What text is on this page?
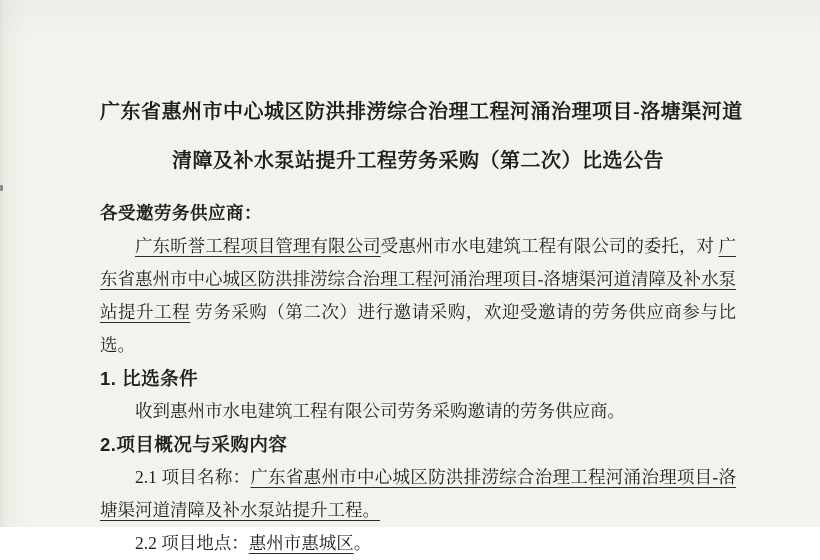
广东省惠州市中心城区防洪排涝综合治理工程河涌治理项目-洛塘渠河道
清障及补水泵站提升工程劳务采购（第二次）比选公告

各受邀劳务供应商：

广东昕誉工程项目管理有限公司受惠州市水电建筑工程有限公司的委托，对 广东省惠州市中心城区防洪排涝综合治理工程河涌治理项目-洛塘渠河道清障及补水泵站提升工程 劳务采购（第二次）进行邀请采购，欢迎受邀请的劳务供应商参与比选。

1. 比选条件

收到惠州市水电建筑工程有限公司劳务采购邀请的劳务供应商。

2.项目概况与采购内容

2.1 项目名称：广东省惠州市中心城区防洪排涝综合治理工程河涌治理项目-洛塘渠河道清障及补水泵站提升工程。

2.2 项目地点：惠州市惠城区。
